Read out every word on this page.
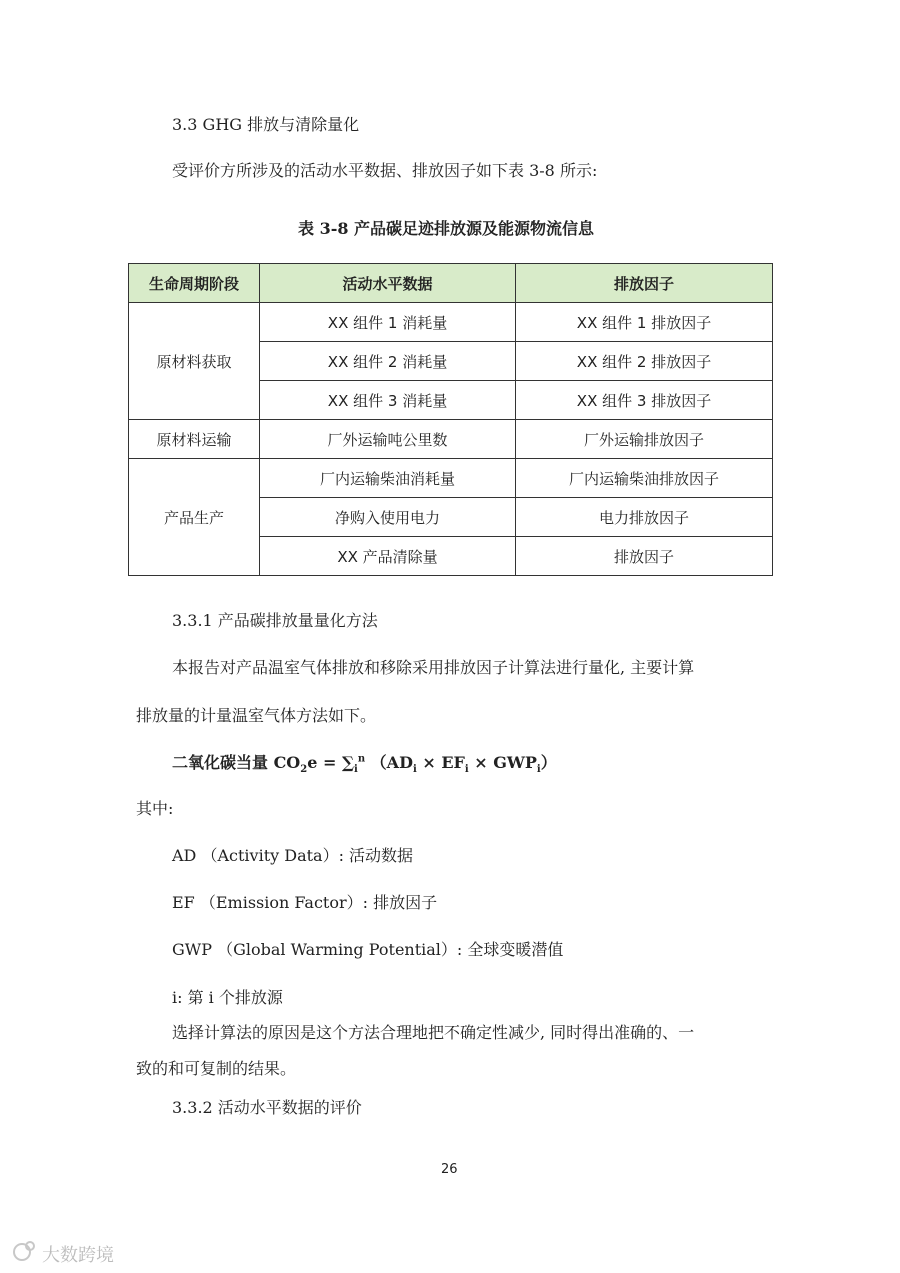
3.3 GHG 排放与清除量化
受评价方所涉及的活动水平数据、排放因子如下表 3-8 所示:
表 3-8 产品碳足迹排放源及能源物流信息
生命周期阶段	活动水平数据	排放因子
原材料获取	XX 组件 1 消耗量	XX 组件 1 排放因子
	XX 组件 2 消耗量	XX 组件 2 排放因子
	XX 组件 3 消耗量	XX 组件 3 排放因子
原材料运输	厂外运输吨公里数	厂外运输排放因子
产品生产	厂内运输柴油消耗量	厂内运输柴油排放因子
	净购入使用电力	电力排放因子
	XX 产品清除量	排放因子
3.3.1 产品碳排放量量化方法
本报告对产品温室气体排放和移除采用排放因子计算法进行量化, 主要计算
排放量的计量温室气体方法如下。
二氧化碳当量 $CO_2e = \sum_i^n$ $(AD_i \times EF_i \times GWP_i)$
其中:
AD （Activity Data）: 活动数据
EF （Emission Factor）: 排放因子
GWP （Global Warming Potential）: 全球变暖潜值
i: 第 i 个排放源
选择计算法的原因是这个方法合理地把不确定性减少, 同时得出准确的、一
致的和可复制的结果。
3.3.2 活动水平数据的评价
26
大数跨境
